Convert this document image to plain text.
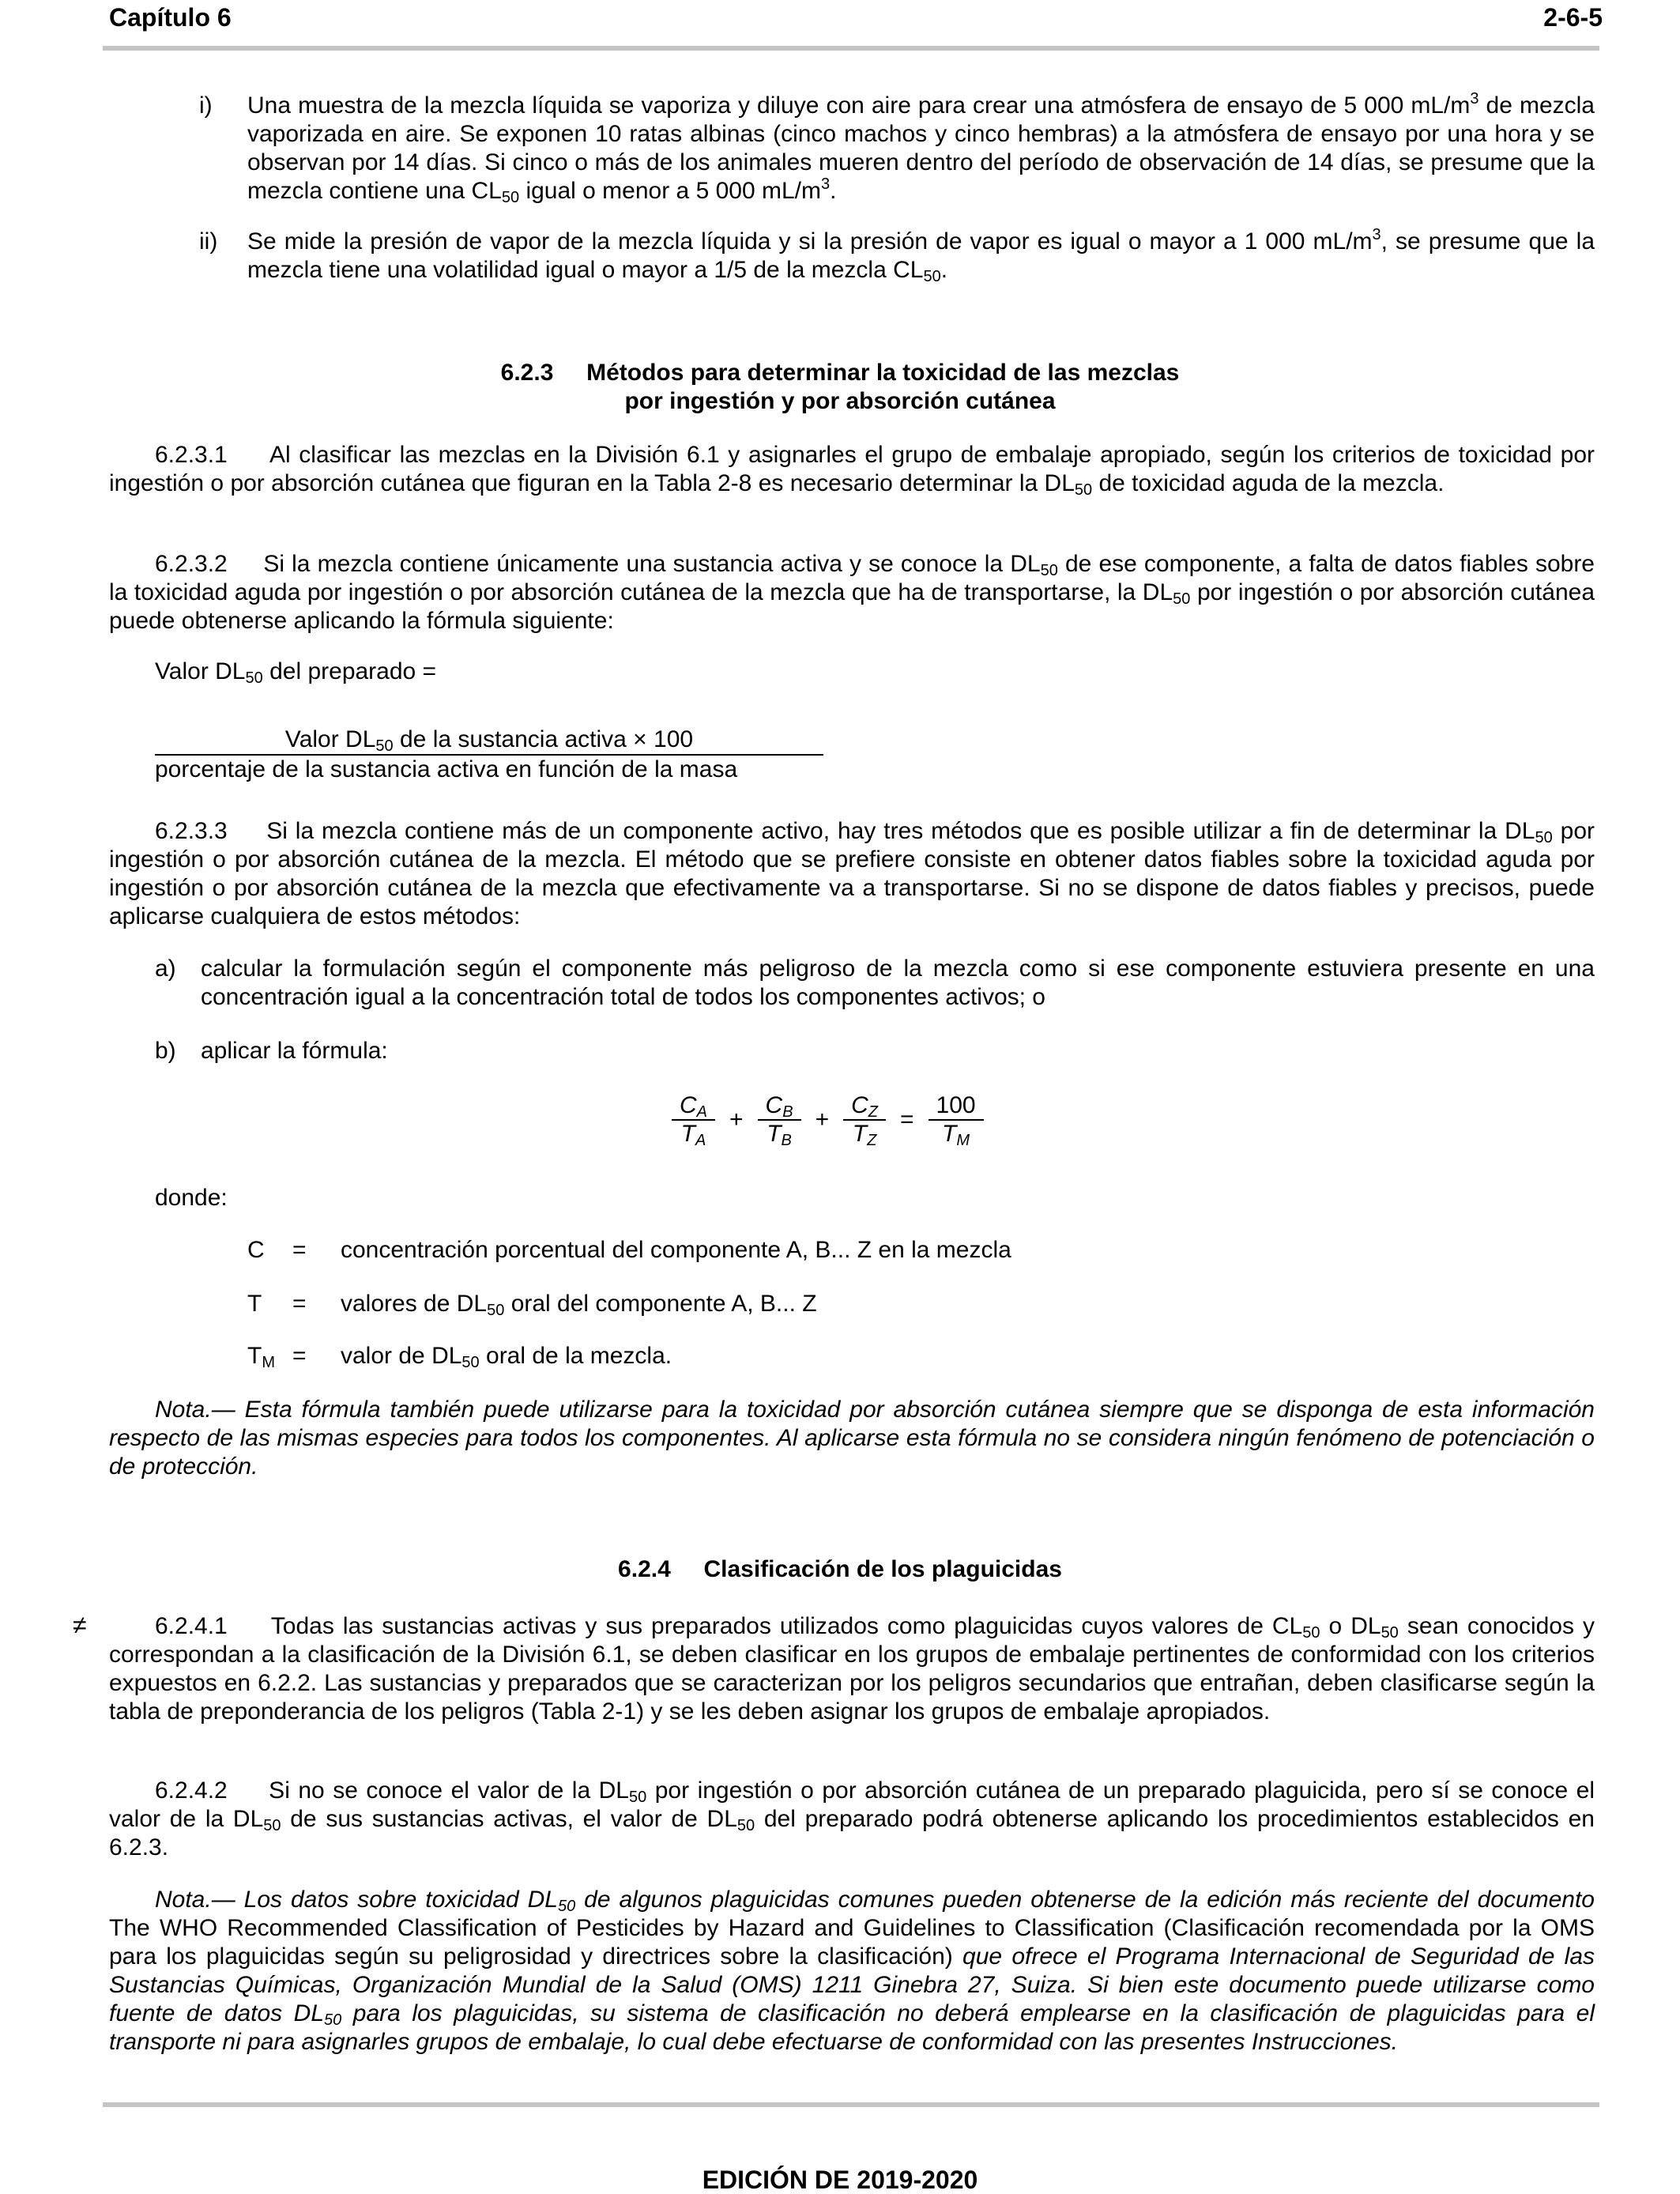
Capítulo 6	2-6-5
i) Una muestra de la mezcla líquida se vaporiza y diluye con aire para crear una atmósfera de ensayo de 5 000 $mL/m^3$ de mezcla vaporizada en aire. Se exponen 10 ratas albinas (cinco machos y cinco hembras) a la atmósfera de ensayo por una hora y se observan por 14 días. Si cinco o más de los animales mueren dentro del período de observación de 14 días, se presume que la mezcla contiene una $CL_{50}$ igual o menor a 5 000 $mL/m^3$.
ii) Se mide la presión de vapor de la mezcla líquida y si la presión de vapor es igual o mayor a 1 000 $mL/m^3$, se presume que la mezcla tiene una volatilidad igual o mayor a 1/5 de la mezcla $CL_{50}$.
6.2.3 Métodos para determinar la toxicidad de las mezclas
por ingestión y por absorción cutánea
6.2.3.1     Al clasificar las mezclas en la División 6.1 y asignarles el grupo de embalaje apropiado, según los criterios de toxicidad por ingestión o por absorción cutánea que figuran en la Tabla 2-8 es necesario determinar la $DL_{50}$ de toxicidad aguda de la mezcla.
6.2.3.2     Si la mezcla contiene únicamente una sustancia activa y se conoce la $DL_{50}$ de ese componente, a falta de datos fiables sobre la toxicidad aguda por ingestión o por absorción cutánea de la mezcla que ha de transportarse, la $DL_{50}$ por ingestión o por absorción cutánea puede obtenerse aplicando la fórmula siguiente:
Valor $DL_{50}$ del preparado =
Valor $DL_{50}$ de la sustancia activa × 100
porcentaje de la sustancia activa en función de la masa
6.2.3.3     Si la mezcla contiene más de un componente activo, hay tres métodos que es posible utilizar a fin de determinar la $DL_{50}$ por ingestión o por absorción cutánea de la mezcla. El método que se prefiere consiste en obtener datos fiables sobre la toxicidad aguda por ingestión o por absorción cutánea de la mezcla que efectivamente va a transportarse. Si no se dispone de datos fiables y precisos, puede aplicarse cualquiera de estos métodos:
a) calcular la formulación según el componente más peligroso de la mezcla como si ese componente estuviera presente en una concentración igual a la concentración total de todos los componentes activos; o
b) aplicar la fórmula:
$\frac{C_A}{T_A} + \frac{C_B}{T_B} + \frac{C_Z}{T_Z} = \frac{100}{T_M}$
donde:
C = concentración porcentual del componente A, B... Z en la mezcla
T = valores de $DL_{50}$ oral del componente A, B... Z
$T_M$ = valor de $DL_{50}$ oral de la mezcla.
Nota.— Esta fórmula también puede utilizarse para la toxicidad por absorción cutánea siempre que se disponga de esta información respecto de las mismas especies para todos los componentes. Al aplicarse esta fórmula no se considera ningún fenómeno de potenciación o de protección.
6.2.4 Clasificación de los plaguicidas
≠	6.2.4.1     Todas las sustancias activas y sus preparados utilizados como plaguicidas cuyos valores de $CL_{50}$ o $DL_{50}$ sean conocidos y correspondan a la clasificación de la División 6.1, se deben clasificar en los grupos de embalaje pertinentes de conformidad con los criterios expuestos en 6.2.2. Las sustancias y preparados que se caracterizan por los peligros secundarios que entrañan, deben clasificarse según la tabla de preponderancia de los peligros (Tabla 2-1) y se les deben asignar los grupos de embalaje apropiados.
6.2.4.2     Si no se conoce el valor de la $DL_{50}$ por ingestión o por absorción cutánea de un preparado plaguicida, pero sí se conoce el valor de la $DL_{50}$ de sus sustancias activas, el valor de $DL_{50}$ del preparado podrá obtenerse aplicando los procedimientos establecidos en 6.2.3.
Nota.— Los datos sobre toxicidad $DL_{50}$ de algunos plaguicidas comunes pueden obtenerse de la edición más reciente del documento The WHO Recommended Classification of Pesticides by Hazard and Guidelines to Classification (Clasificación recomendada por la OMS para los plaguicidas según su peligrosidad y directrices sobre la clasificación) que ofrece el Programa Internacional de Seguridad de las Sustancias Químicas, Organización Mundial de la Salud (OMS) 1211 Ginebra 27, Suiza. Si bien este documento puede utilizarse como fuente de datos $DL_{50}$ para los plaguicidas, su sistema de clasificación no deberá emplearse en la clasificación de plaguicidas para el transporte ni para asignarles grupos de embalaje, lo cual debe efectuarse de conformidad con las presentes Instrucciones.
EDICIÓN DE 2019-2020
